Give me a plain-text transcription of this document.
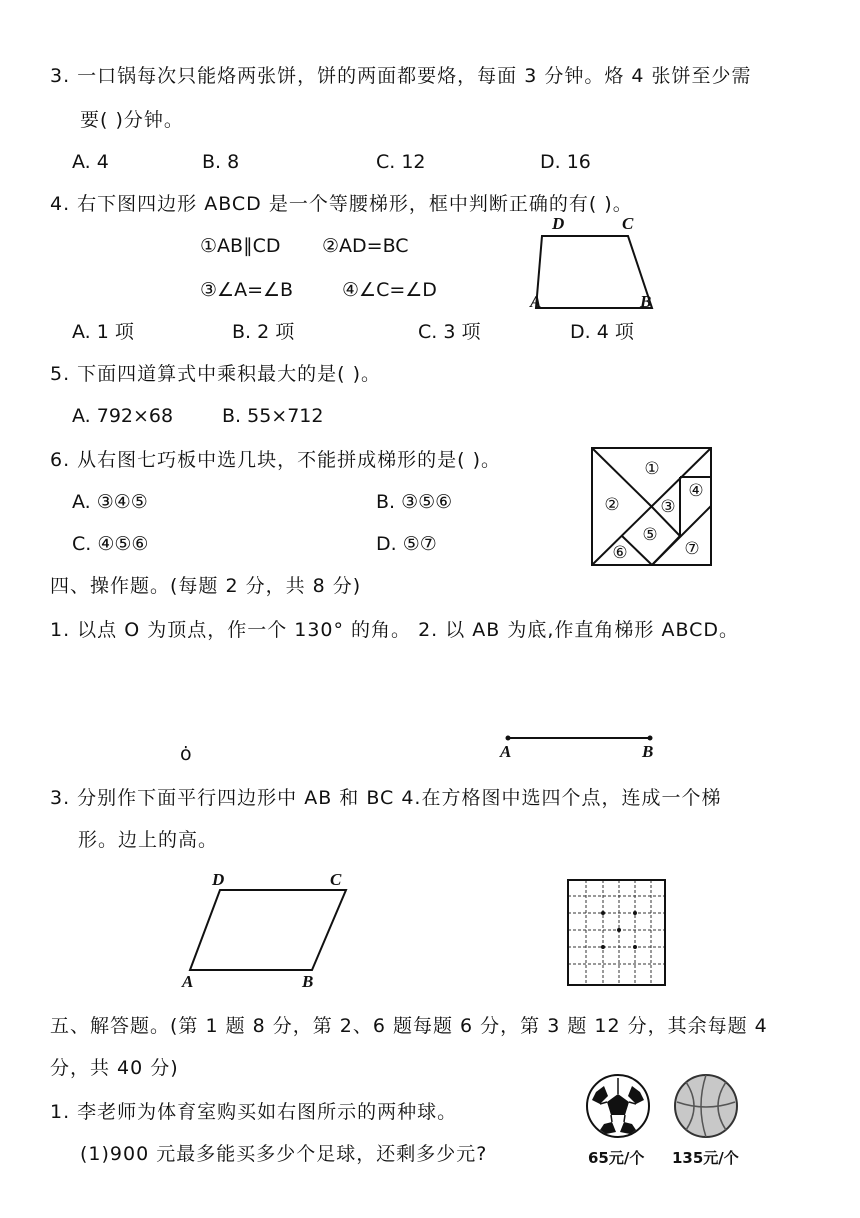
3. 一口锅每次只能烙两张饼，饼的两面都要烙，每面 3 分钟。烙 4 张饼至少需
要( )分钟。
A. 4	B. 8	C. 12	D. 16
4. 右下图四边形 ABCD 是一个等腰梯形，框中判断正确的有( )。
①AB∥CD ②AD=BC
③∠A=∠B	④∠C=∠D
D	C
A	B
A. 1 项	B. 2 项	C. 3 项	D. 4 项
5. 下面四道算式中乘积最大的是( )。
A. 792×68	B. 55×712
6. 从右图七巧板中选几块，不能拼成梯形的是( )。
A. ③④⑤	B. ③⑤⑥
C. ④⑤⑥	D. ⑤⑦
①
② ③
④
⑤
⑥	⑦
四、操作题。(每题 2 分，共 8 分)
1. 以点 O 为顶点，作一个 130° 的角。 2. 以 AB 为底,作直角梯形 ABCD。
ȯ	A	B
3. 分别作下面平行四边形中 AB 和 BC 4.在方格图中选四个点，连成一个梯
形。边上的高。
D	C
A	B
五、解答题。(第 1 题 8 分，第 2、6 题每题 6 分，第 3 题 12 分，其余每题 4
分，共 40 分)
1. 李老师为体育室购买如右图所示的两种球。
(1)900 元最多能买多少个足球，还剩多少元?	65元/个 135元/个
